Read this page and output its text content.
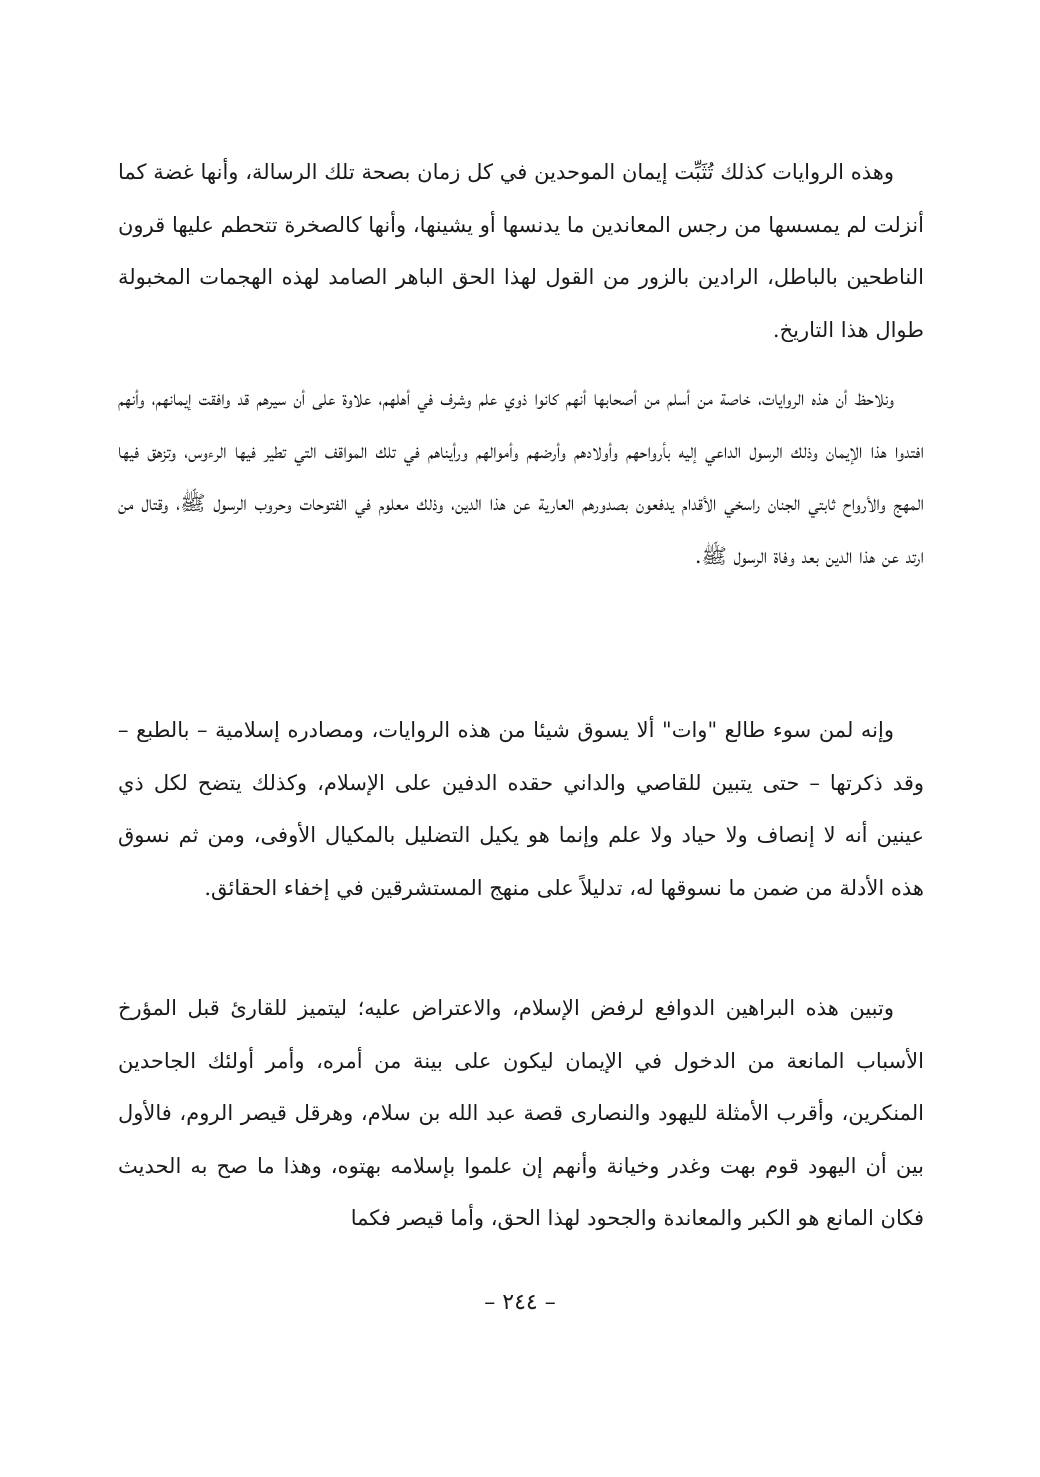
وهذه الروايات كذلك تُثَبِّت إيمان الموحدين في كل زمان بصحة تلك الرسالة، وأنها غضة كما أنزلت لم يمسسها من رجس المعاندين ما يدنسها أو يشينها، وأنها كالصخرة تتحطم عليها قرون الناطحين بالباطل، الرادين بالزور من القول لهذا الحق الباهر الصامد لهذه الهجمات المخبولة طوال هذا التاريخ.

ونلاحظ أن هذه الروايات، خاصة من أسلم من أصحابها أنهم كانوا ذوي علم وشرف في أهلهم، علاوة على أن سيرهم قد وافقت إيمانهم، وأنهم افتدوا هذا الإيمان وذلك الرسول الداعي إليه بأرواحهم وأولادهم وأرضهم وأموالهم ورأيناهم في تلك المواقف التي تطير فيها الرءوس، وتزهق فيها المهج والأرواح ثابتي الجنان راسخي الأقدام يدفعون بصدورهم العارية عن هذا الدين، وذلك معلوم في الفتوحات وحروب الرسول ﷺ، وقتال من ارتد عن هذا الدين بعد وفاة الرسول ﷺ.

وإنه لمن سوء طالع "وات" ألا يسوق شيئا من هذه الروايات، ومصادره إسلامية – بالطبع – وقد ذكرتها – حتى يتبين للقاصي والداني حقده الدفين على الإسلام، وكذلك يتضح لكل ذي عينين أنه لا إنصاف ولا حياد ولا علم وإنما هو يكيل التضليل بالمكيال الأوفى، ومن ثم نسوق هذه الأدلة من ضمن ما نسوقها له، تدليلاً على منهج المستشرقين في إخفاء الحقائق.

وتبين هذه البراهين الدوافع لرفض الإسلام، والاعتراض عليه؛ ليتميز للقارئ قبل المؤرخ الأسباب المانعة من الدخول في الإيمان ليكون على بينة من أمره، وأمر أولئك الجاحدين المنكرين، وأقرب الأمثلة لليهود والنصارى قصة عبد الله بن سلام، وهرقل قيصر الروم، فالأول بين أن اليهود قوم بهت وغدر وخيانة وأنهم إن علموا بإسلامه بهتوه، وهذا ما صح به الحديث فكان المانع هو الكبر والمعاندة والجحود لهذا الحق، وأما قيصر فكما

– ٢٤٤ –
